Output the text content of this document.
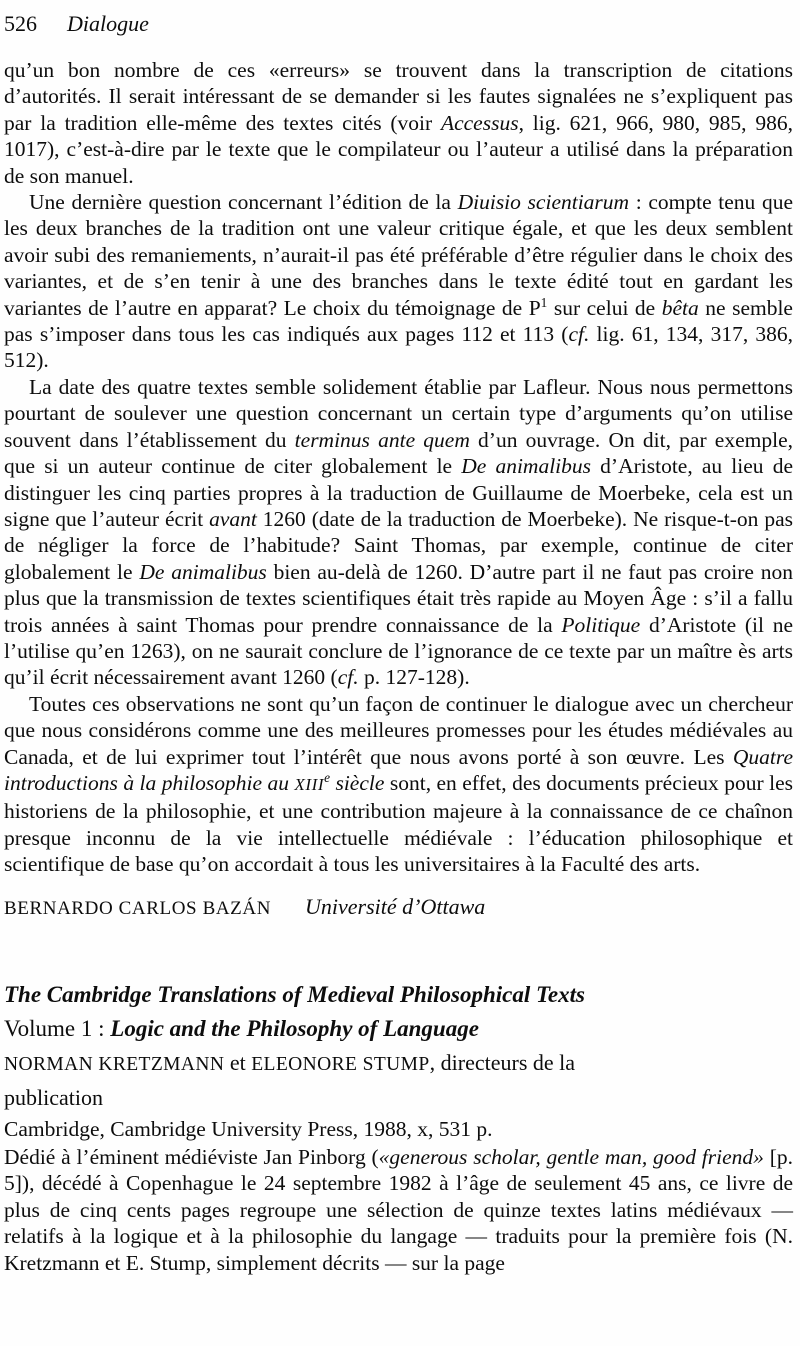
526 Dialogue

qu’un bon nombre de ces «erreurs» se trouvent dans la transcription de citations d’autorités. Il serait intéressant de se demander si les fautes signalées ne s’expliquent pas par la tradition elle-même des textes cités (voir Accessus, lig. 621, 966, 980, 985, 986, 1017), c’est-à-dire par le texte que le compilateur ou l’auteur a utilisé dans la préparation de son manuel.

Une dernière question concernant l’édition de la Diuisio scientiarum : compte tenu que les deux branches de la tradition ont une valeur critique égale, et que les deux semblent avoir subi des remaniements, n’aurait-il pas été préférable d’être régulier dans le choix des variantes, et de s’en tenir à une des branches dans le texte édité tout en gardant les variantes de l’autre en apparat? Le choix du témoignage de $P^1$ sur celui de bêta ne semble pas s’imposer dans tous les cas indiqués aux pages 112 et 113 (cf. lig. 61, 134, 317, 386, 512).

La date des quatre textes semble solidement établie par Lafleur. Nous nous permettons pourtant de soulever une question concernant un certain type d’arguments qu’on utilise souvent dans l’établissement du terminus ante quem d’un ouvrage. On dit, par exemple, que si un auteur continue de citer globalement le De animalibus d’Aristote, au lieu de distinguer les cinq parties propres à la traduction de Guillaume de Moerbeke, cela est un signe que l’auteur écrit avant 1260 (date de la traduction de Moerbeke). Ne risque-t-on pas de négliger la force de l’habitude? Saint Thomas, par exemple, continue de citer globalement le De animalibus bien au-delà de 1260. D’autre part il ne faut pas croire non plus que la transmission de textes scientifiques était très rapide au Moyen Âge : s’il a fallu trois années à saint Thomas pour prendre connaissance de la Politique d’Aristote (il ne l’utilise qu’en 1263), on ne saurait conclure de l’ignorance de ce texte par un maître ès arts qu’il écrit nécessairement avant 1260 (cf. p. 127-128).

Toutes ces observations ne sont qu’un façon de continuer le dialogue avec un chercheur que nous considérons comme une des meilleures promesses pour les études médiévales au Canada, et de lui exprimer tout l’intérêt que nous avons porté à son œuvre. Les Quatre introductions à la philosophie au XIIIe siècle sont, en effet, des documents précieux pour les historiens de la philosophie, et une contribution majeure à la connaissance de ce chaînon presque inconnu de la vie intellectuelle médiévale : l’éducation philosophique et scientifique de base qu’on accordait à tous les universitaires à la Faculté des arts.

BERNARDO CARLOS BAZÁN Université d’Ottawa

The Cambridge Translations of Medieval Philosophical Texts

Volume 1 : Logic and the Philosophy of Language

NORMAN KRETZMANN et ELEONORE STUMP, directeurs de la publication

Cambridge, Cambridge University Press, 1988, x, 531 p.

Dédié à l’éminent médiéviste Jan Pinborg («generous scholar, gentle man, good friend» [p. 5]), décédé à Copenhague le 24 septembre 1982 à l’âge de seulement 45 ans, ce livre de plus de cinq cents pages regroupe une sélection de quinze textes latins médiévaux — relatifs à la logique et à la philosophie du langage — traduits pour la première fois (N. Kretzmann et E. Stump, simplement décrits — sur la page
